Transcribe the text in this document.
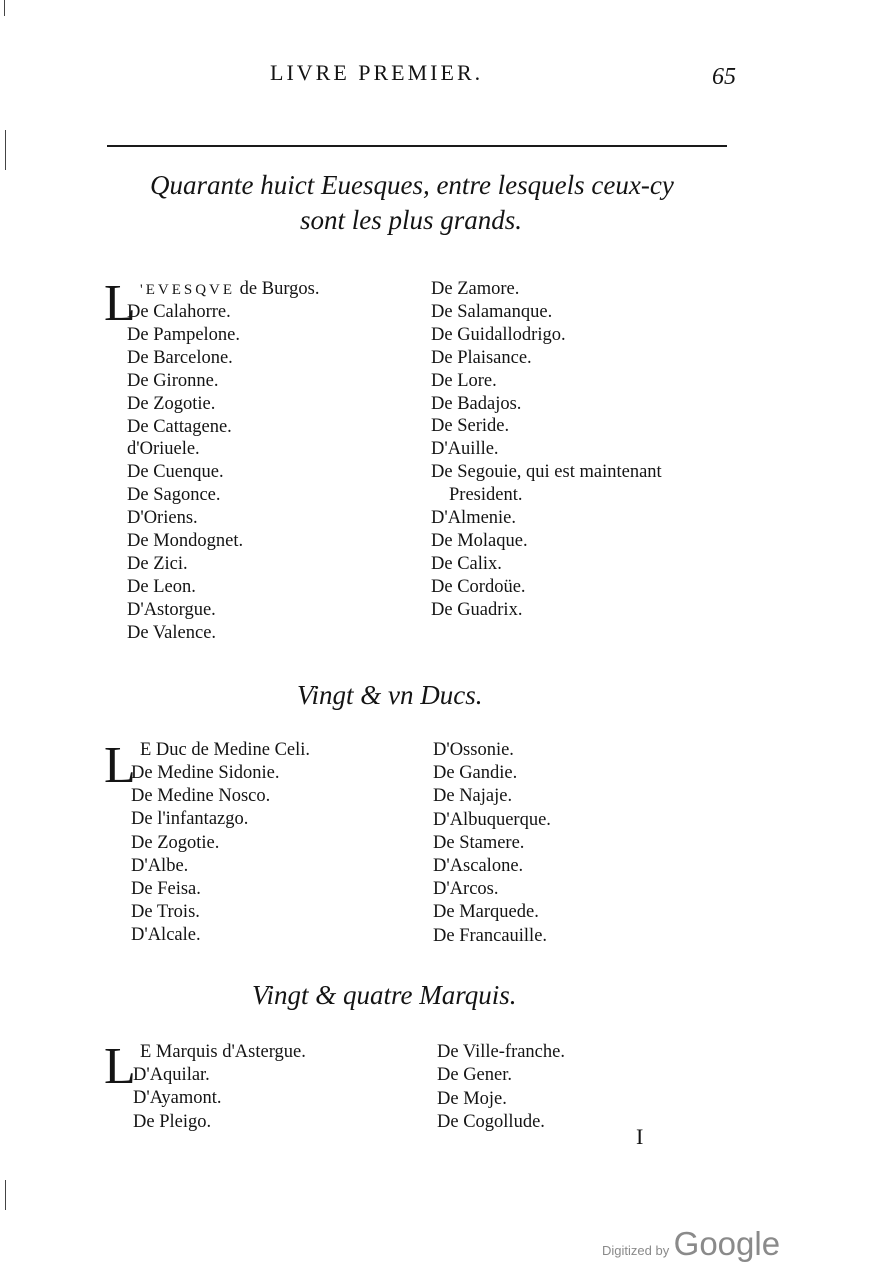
LIVRE PREMIER.	65
Quarante huict Euesques, entre lesquels ceux-cy
sont les plus grands.
L 'EVESQVE de Burgos.
De Calahorre.
De Pampelone.
De Barcelone.
De Gironne.
De Zogotie.
De Cattagene.
d'Oriuele.
De Cuenque.
De Sagonce.
D'Oriens.
De Mondognet.
De Zici.
De Leon.
D'Astorgue.
De Valence.
De Zamore.
De Salamanque.
De Guidallodrigo.
De Plaisance.
De Lore.
De Badajos.
De Seride.
D'Auille.
De Segouie, qui est maintenant
President.
D'Almenie.
De Molaque.
De Calix.
De Cordoüe.
De Guadrix.
Vingt & vn Ducs.
L E Duc de Medine Celi.
De Medine Sidonie.
De Medine Nosco.
De l'infantazgo.
De Zogotie.
D'Albe.
De Feisa.
De Trois.
D'Alcale.
D'Ossonie.
De Gandie.
De Najaje.
D'Albuquerque.
De Stamere.
D'Ascalone.
D'Arcos.
De Marquede.
De Francauille.
Vingt & quatre Marquis.
L E Marquis d'Astergue.
D'Aquilar.
D'Ayamont.
De Pleigo.
De Ville-franche.
De Gener.
De Moje.
De Cogollude.
I
Digitized by Google
